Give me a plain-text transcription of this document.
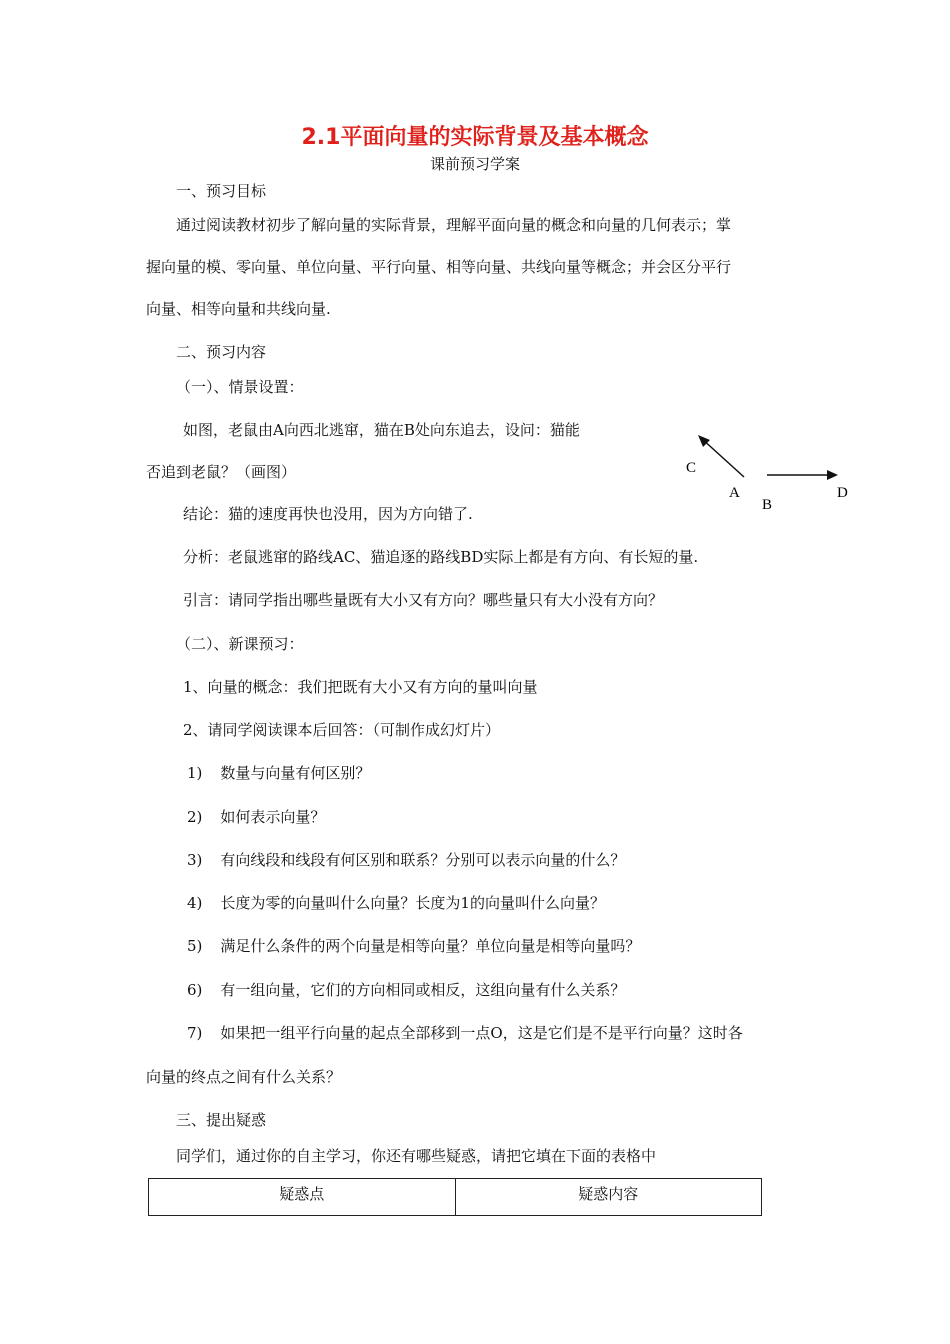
2.1平面向量的实际背景及基本概念
课前预习学案
一、预习目标
通过阅读教材初步了解向量的实际背景，理解平面向量的概念和向量的几何表示；掌
握向量的模、零向量、单位向量、平行向量、相等向量、共线向量等概念；并会区分平行
向量、相等向量和共线向量.
二、预习内容
（一）、情景设置：
如图，老鼠由A向西北逃窜，猫在B处向东追去，设问：猫能
否追到老鼠？（画图）	C
A
B
D
结论：猫的速度再快也没用，因为方向错了.
分析：老鼠逃窜的路线AC、猫追逐的路线BD实际上都是有方向、有长短的量.
引言：请同学指出哪些量既有大小又有方向？哪些量只有大小没有方向？
（二）、新课预习：
1、向量的概念：我们把既有大小又有方向的量叫向量
2、请同学阅读课本后回答：（可制作成幻灯片）
1) 数量与向量有何区别？
2) 如何表示向量？
3) 有向线段和线段有何区别和联系？分别可以表示向量的什么？
4) 长度为零的向量叫什么向量？长度为1的向量叫什么向量？
5) 满足什么条件的两个向量是相等向量？单位向量是相等向量吗？
6) 有一组向量，它们的方向相同或相反，这组向量有什么关系？
7) 如果把一组平行向量的起点全部移到一点O，这是它们是不是平行向量？这时各
向量的终点之间有什么关系？
三、提出疑惑
同学们，通过你的自主学习，你还有哪些疑惑，请把它填在下面的表格中
疑惑点	疑惑内容
